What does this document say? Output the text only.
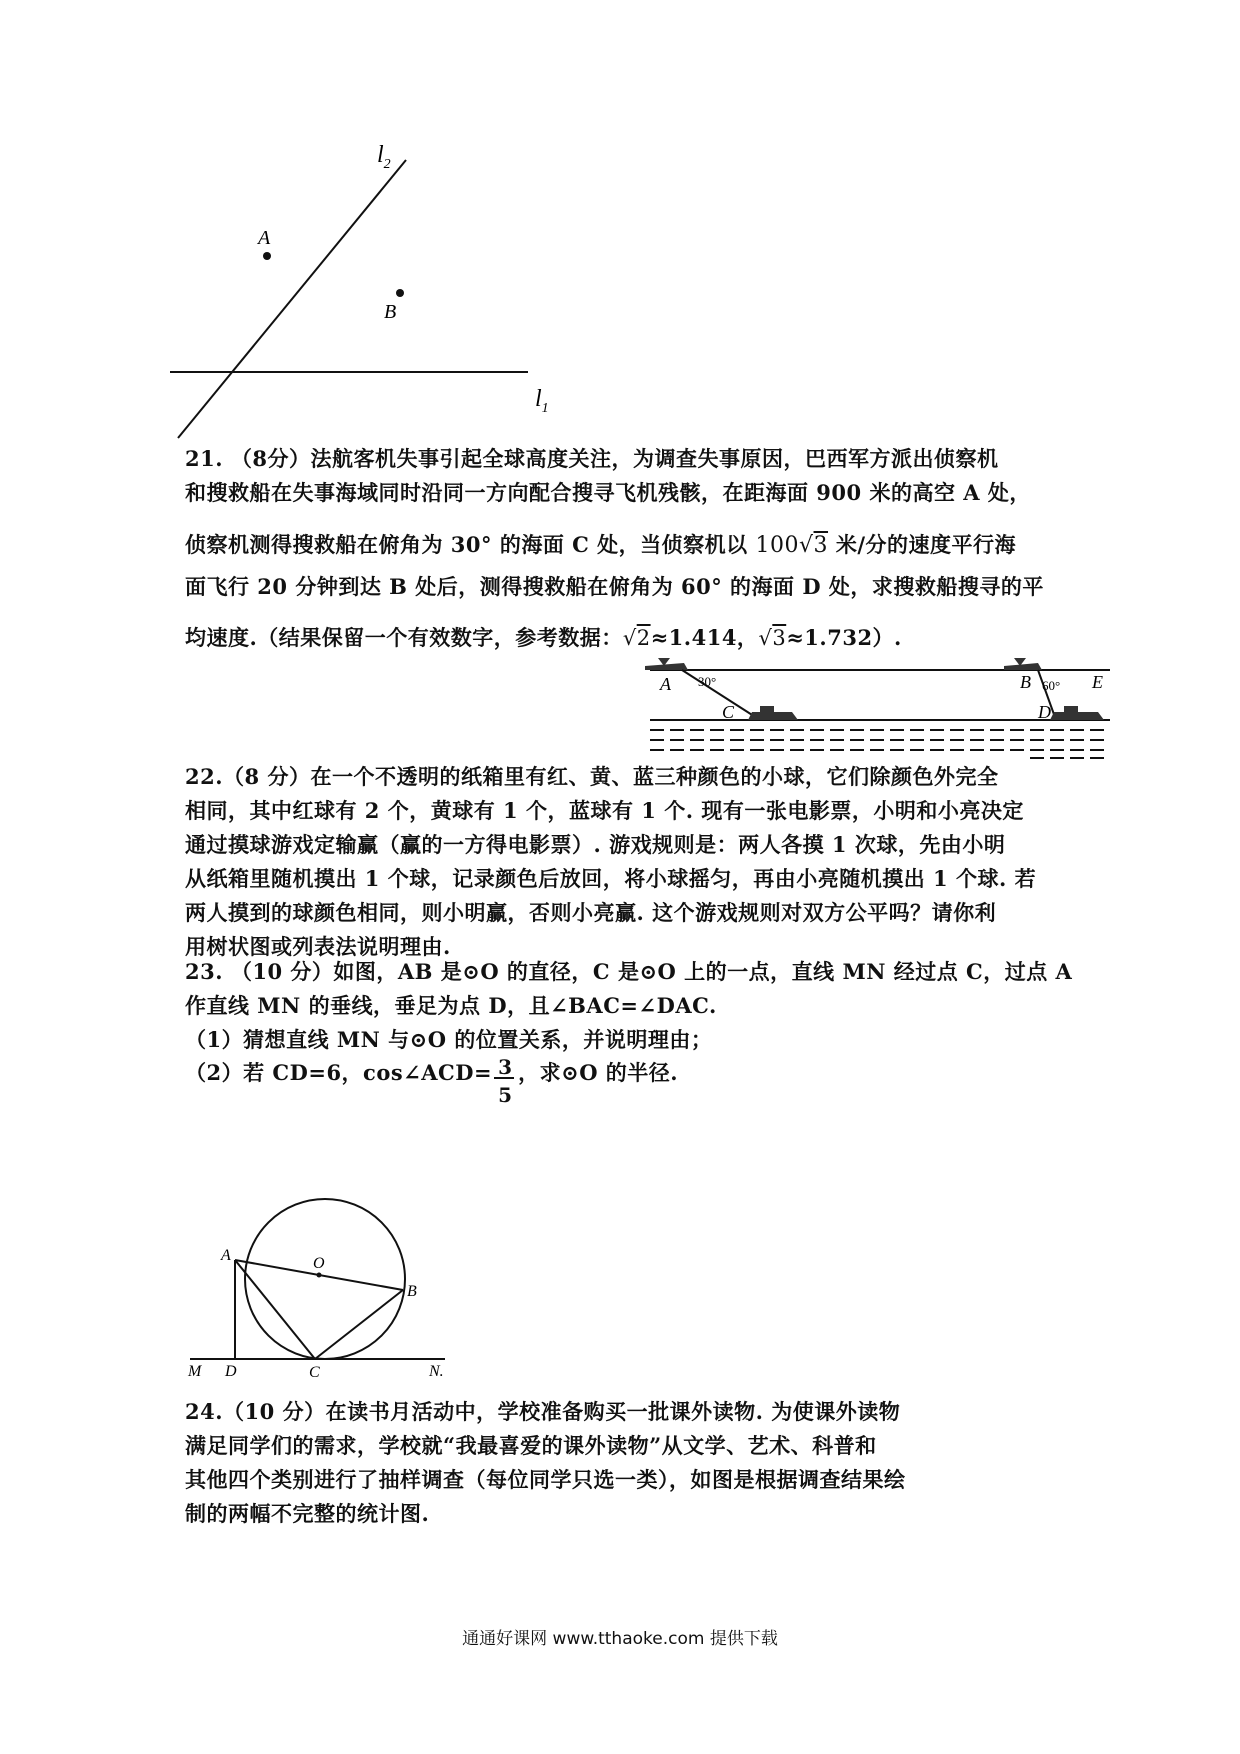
$l_2$
$l_1$
A
B
21. （8分）法航客机失事引起全球高度关注，为调查失事原因，巴西军方派出侦察机
和搜救船在失事海域同时沿同一方向配合搜寻飞机残骸，在距海面 900 米的高空 A 处，
侦察机测得搜救船在俯角为 30° 的海面 C 处，当侦察机以 100√3 米/分的速度平行海
面飞行 20 分钟到达 B 处后，测得搜救船在俯角为 60° 的海面 D 处，求搜救船搜寻的平
均速度.（结果保留一个有效数字，参考数据：√2≈1.414，√3≈1.732）.
A 30°
C
B 60°
D
E
22.（8 分）在一个不透明的纸箱里有红、黄、蓝三种颜色的小球，它们除颜色外完全
相同，其中红球有 2 个，黄球有 1 个，蓝球有 1 个. 现有一张电影票，小明和小亮决定
通过摸球游戏定输赢（赢的一方得电影票）. 游戏规则是：两人各摸 1 次球，先由小明
从纸箱里随机摸出 1 个球，记录颜色后放回，将小球摇匀，再由小亮随机摸出 1 个球. 若
两人摸到的球颜色相同，则小明赢，否则小亮赢. 这个游戏规则对双方公平吗？请你利
用树状图或列表法说明理由.
23. （10 分）如图，AB 是⊙O 的直径，C 是⊙O 上的一点，直线 MN 经过点 C，过点 A
作直线 MN 的垂线，垂足为点 D，且∠BAC=∠DAC.
（1）猜想直线 MN 与⊙O 的位置关系，并说明理由；
（2）若 CD=6，cos∠ACD= $\frac{3}{5}$ ，求⊙O 的半径.
A	O
B
M D	C	N.
24.（10 分）在读书月活动中，学校准备购买一批课外读物. 为使课外读物
满足同学们的需求，学校就“我最喜爱的课外读物”从文学、艺术、科普和
其他四个类别进行了抽样调查（每位同学只选一类），如图是根据调查结果绘
制的两幅不完整的统计图.
通通好课网 www.tthaoke.com 提供下载
